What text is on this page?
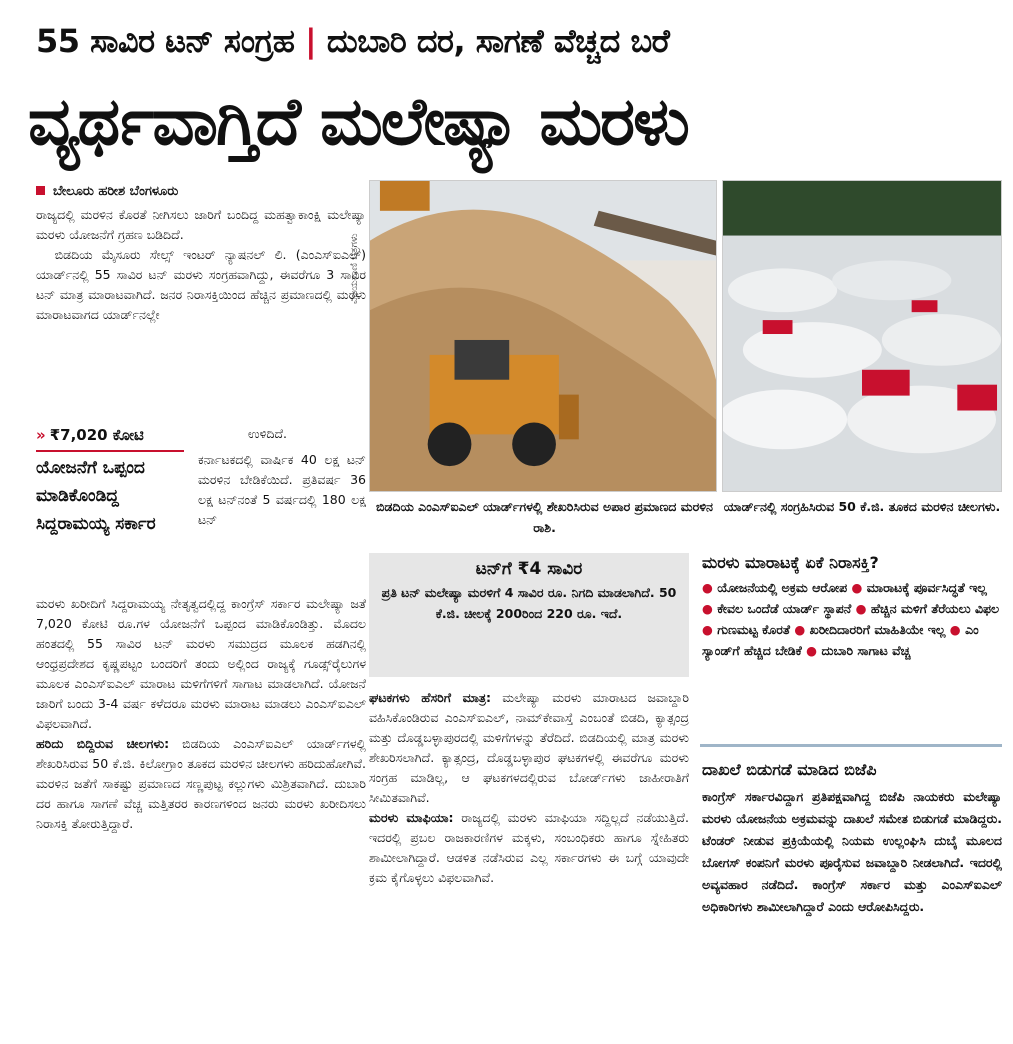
55 ಸಾವಿರ ಟನ್ ಸಂಗ್ರಹ | ದುಬಾರಿ ದರ, ಸಾಗಣೆ ವೆಚ್ಚದ ಬರೆ
ವ್ಯರ್ಥವಾಗ್ತಿದೆ ಮಲೇಷ್ಯಾ ಮರಳು
ಬೇಲೂರು ಹರೀಶ ಬೆಂಗಳೂರು

ರಾಜ್ಯದಲ್ಲಿ ಮರಳಿನ ಕೊರತೆ ನೀಗಿಸಲು ಜಾರಿಗೆ ಬಂದಿದ್ದ ಮಹತ್ವಾಕಾಂಕ್ಷಿ ಮಲೇಷ್ಯಾ ಮರಳು ಯೋಜನೆಗೆ ಗ್ರಹಣ ಬಡಿದಿದೆ.

ಬಿಡದಿಯ ಮೈಸೂರು ಸೇಲ್ಸ್ ಇಂಟರ್ ನ್ಯಾಷನಲ್ ಲಿ. (ಎಂಎಸ್ಐಎಲ್) ಯಾರ್ಡ್‌ನಲ್ಲಿ 55 ಸಾವಿರ ಟನ್ ಮರಳು ಸಂಗ್ರಹವಾಗಿದ್ದು, ಈವರೆಗೂ 3 ಸಾವಿರ ಟನ್ ಮಾತ್ರ ಮಾರಾಟವಾಗಿದೆ. ಜನರ ನಿರಾಸಕ್ತಿಯಿಂದ ಹೆಚ್ಚಿನ ಪ್ರಮಾಣದಲ್ಲಿ ಮರಳು ಮಾರಾಟವಾಗದ ಯಾರ್ಡ್‌ನಲ್ಲೇ

» ₹7,020 ಕೋಟಿ	ಉಳಿದಿದೆ.
ಯೋಜನೆಗೆ ಒಪ್ಪಂದ ಮಾಡಿಕೊಂಡಿದ್ದ ಸಿದ್ದರಾಮಯ್ಯ ಸರ್ಕಾರ
ಕರ್ನಾಟಕದಲ್ಲಿ ವಾರ್ಷಿಕ 40 ಲಕ್ಷ ಟನ್ ಮರಳಿನ ಬೇಡಿಕೆಯಿದೆ. ಪ್ರತಿವರ್ಷ 36 ಲಕ್ಷ ಟನ್‌ನಂತೆ 5 ವರ್ಷದಲ್ಲಿ 180 ಲಕ್ಷ ಟನ್

ಮರಳು ಖರೀದಿಗೆ ಸಿದ್ದರಾಮಯ್ಯ ನೇತೃತ್ವದಲ್ಲಿದ್ದ ಕಾಂಗ್ರೆಸ್ ಸರ್ಕಾರ ಮಲೇಷ್ಯಾ ಜತೆ 7,020 ಕೋಟಿ ರೂ.ಗಳ ಯೋಜನೆಗೆ ಒಪ್ಪಂದ ಮಾಡಿಕೊಂಡಿತ್ತು. ಮೊದಲ ಹಂತದಲ್ಲಿ 55 ಸಾವಿರ ಟನ್ ಮರಳು ಸಮುದ್ರದ ಮೂಲಕ ಹಡಗಿನಲ್ಲಿ ಆಂಧ್ರಪ್ರದೇಶದ ಕೃಷ್ಣಪಟ್ಟಂ ಬಂದರಿಗೆ ತಂದು ಅಲ್ಲಿಂದ ರಾಜ್ಯಕ್ಕೆ ಗೂಡ್ಸ್‌ರೈಲುಗಳ ಮೂಲಕ ಎಂಎಸ್ಐಎಲ್ ಮಾರಾಟ ಮಳಿಗೆಗಳಿಗೆ ಸಾಗಾಟ ಮಾಡಲಾಗಿದೆ. ಯೋಜನೆ ಜಾರಿಗೆ ಬಂದು 3-4 ವರ್ಷ ಕಳೆದರೂ ಮರಳು ಮಾರಾಟ ಮಾಡಲು ಎಂಎಸ್ಐಎಲ್ ವಿಫಲವಾಗಿದೆ.

ಹರಿದು ಬಿದ್ದಿರುವ ಚೀಲಗಳು: ಬಿಡದಿಯ ಎಂಎಸ್ಐಎಲ್ ಯಾರ್ಡ್‌ಗಳಲ್ಲಿ ಶೇಖರಿಸಿರುವ 50 ಕೆ.ಜಿ. ಕಿಲೋಗ್ರಾಂ ತೂಕದ ಮರಳಿನ ಚೀಲಗಳು ಹರಿದುಹೋಗಿವೆ. ಮರಳಿನ ಜತೆಗೆ ಸಾಕಷ್ಟು ಪ್ರಮಾಣದ ಸಣ್ಣಪುಟ್ಟ ಕಲ್ಲುಗಳು ಮಿಶ್ರಿತವಾಗಿದೆ. ದುಬಾರಿ ದರ ಹಾಗೂ ಸಾಗಣೆ ವೆಚ್ಚ ಮತ್ತಿತರರ ಕಾರಣಗಳಿಂದ ಜನರು ಮರಳು ಖರೀದಿಸಲು ನಿರಾಸಕ್ತಿ ತೋರುತ್ತಿದ್ದಾರೆ.

ವಿಜಯವಾಣಿ ಚಿತ್ರಗಳು
ಬಿಡದಿಯ ಎಂಎಸ್ಐಎಲ್ ಯಾರ್ಡ್‌ಗಳಲ್ಲಿ ಶೇಖರಿಸಿರುವ ಅಪಾರ ಪ್ರಮಾಣದ ಮರಳಿನ ರಾಶಿ.
ಯಾರ್ಡ್‌ನಲ್ಲಿ ಸಂಗ್ರಹಿಸಿರುವ 50 ಕೆ.ಜಿ. ತೂಕದ ಮರಳಿನ ಚೀಲಗಳು.
ಟನ್‌ಗೆ ₹4 ಸಾವಿರ

ಪ್ರತಿ ಟನ್ ಮಲೇಷ್ಯಾ ಮರಳಿಗೆ 4 ಸಾವಿರ ರೂ. ನಿಗದಿ ಮಾಡಲಾಗಿದೆ. 50 ಕೆ.ಜಿ. ಚೀಲಕ್ಕೆ 200ರಿಂದ 220 ರೂ. ಇದೆ.

ಘಟಕಗಳು ಹೆಸರಿಗೆ ಮಾತ್ರ: ಮಲೇಷ್ಯಾ ಮರಳು ಮಾರಾಟದ ಜವಾಬ್ದಾರಿ ವಹಿಸಿಕೊಂಡಿರುವ ಎಂಎಸ್ಐಎಲ್, ನಾಮ್‌ಕೇವಾಸ್ತೆ ಎಂಬಂತೆ ಬಿಡದಿ, ಕ್ಯಾತ್ಸಂದ್ರ ಮತ್ತು ದೊಡ್ಡಬಳ್ಳಾಪುರದಲ್ಲಿ ಮಳಿಗೆಗಳನ್ನು ತೆರೆದಿದೆ. ಬಿಡದಿಯಲ್ಲಿ ಮಾತ್ರ ಮರಳು ಶೇಖರಿಸಲಾಗಿದೆ. ಕ್ಯಾತ್ಸಂದ್ರ, ದೊಡ್ಡಬಳ್ಳಾಪುರ ಘಟಕಗಳಲ್ಲಿ ಈವರೆಗೂ ಮರಳು ಸಂಗ್ರಹ ಮಾಡಿಲ್ಲ, ಆ ಘಟಕಗಳದಲ್ಲಿರುವ ಬೋರ್ಡ್‌ಗಳು ಜಾಹೀರಾತಿಗೆ ಸೀಮಿತವಾಗಿವೆ.

ಮರಳು ಮಾಫಿಯಾ: ರಾಜ್ಯದಲ್ಲಿ ಮರಳು ಮಾಫಿಯಾ ಸದ್ದಿಲ್ಲದೆ ನಡೆಯುತ್ತಿದೆ. ಇದರಲ್ಲಿ ಪ್ರಬಲ ರಾಜಕಾರಣಿಗಳ ಮಕ್ಕಳು, ಸಂಬಂಧಿಕರು ಹಾಗೂ ಸ್ನೇಹಿತರು ಶಾಮೀಲಾಗಿದ್ದಾರೆ. ಆಡಳಿತ ನಡೆಸಿರುವ ಎಲ್ಲ ಸರ್ಕಾರಗಳು ಈ ಬಗ್ಗೆ ಯಾವುದೇ ಕ್ರಮ ಕೈಗೊಳ್ಳಲು ವಿಫಲವಾಗಿವೆ.

ಮರಳು ಮಾರಾಟಕ್ಕೆ ಏಕೆ ನಿರಾಸಕ್ತಿ?
● ಯೋಜನೆಯಲ್ಲಿ ಅಕ್ರಮ ಆರೋಪ ● ಮಾರಾಟಕ್ಕೆ ಪೂರ್ವಸಿದ್ಧತೆ ಇಲ್ಲ ● ಕೇವಲ ಒಂದೆಡೆ ಯಾರ್ಡ್ ಸ್ಥಾಪನೆ ● ಹೆಚ್ಚಿನ ಮಳಿಗೆ ತೆರೆಯಲು ವಿಫಲ ● ಗುಣಮಟ್ಟ ಕೊರತೆ ● ಖರೀದಿದಾರರಿಗೆ ಮಾಹಿತಿಯೇ ಇಲ್ಲ ● ಎಂ ಸ್ಯಾಂಡ್‌ಗೆ ಹೆಚ್ಚಿದ ಬೇಡಿಕೆ ● ದುಬಾರಿ ಸಾಗಾಟ ವೆಚ್ಚ
ದಾಖಲೆ ಬಿಡುಗಡೆ ಮಾಡಿದ ಬಿಜೆಪಿ
ಕಾಂಗ್ರೆಸ್ ಸರ್ಕಾರವಿದ್ದಾಗ ಪ್ರತಿಪಕ್ಷವಾಗಿದ್ದ ಬಿಜೆಪಿ ನಾಯಕರು ಮಲೇಷ್ಯಾ ಮರಳು ಯೋಜನೆಯ ಅಕ್ರಮವನ್ನು ದಾಖಲೆ ಸಮೇತ ಬಿಡುಗಡೆ ಮಾಡಿದ್ದರು. ಟೆಂಡರ್ ನೀಡುವ ಪ್ರಕ್ರಿಯೆಯಲ್ಲಿ ನಿಯಮ ಉಲ್ಲಂಘಿಸಿ ದುಬೈ ಮೂಲದ ಬೋಗಸ್ ಕಂಪನಿಗೆ ಮರಳು ಪೂರೈಸುವ ಜವಾಬ್ದಾರಿ ನೀಡಲಾಗಿದೆ. ಇದರಲ್ಲಿ ಅವ್ಯವಹಾರ ನಡೆದಿದೆ. ಕಾಂಗ್ರೆಸ್ ಸರ್ಕಾರ ಮತ್ತು ಎಂಎಸ್ಐಎಲ್ ಅಧಿಕಾರಿಗಳು ಶಾಮೀಲಾಗಿದ್ದಾರೆ ಎಂದು ಆರೋಪಿಸಿದ್ದರು.
